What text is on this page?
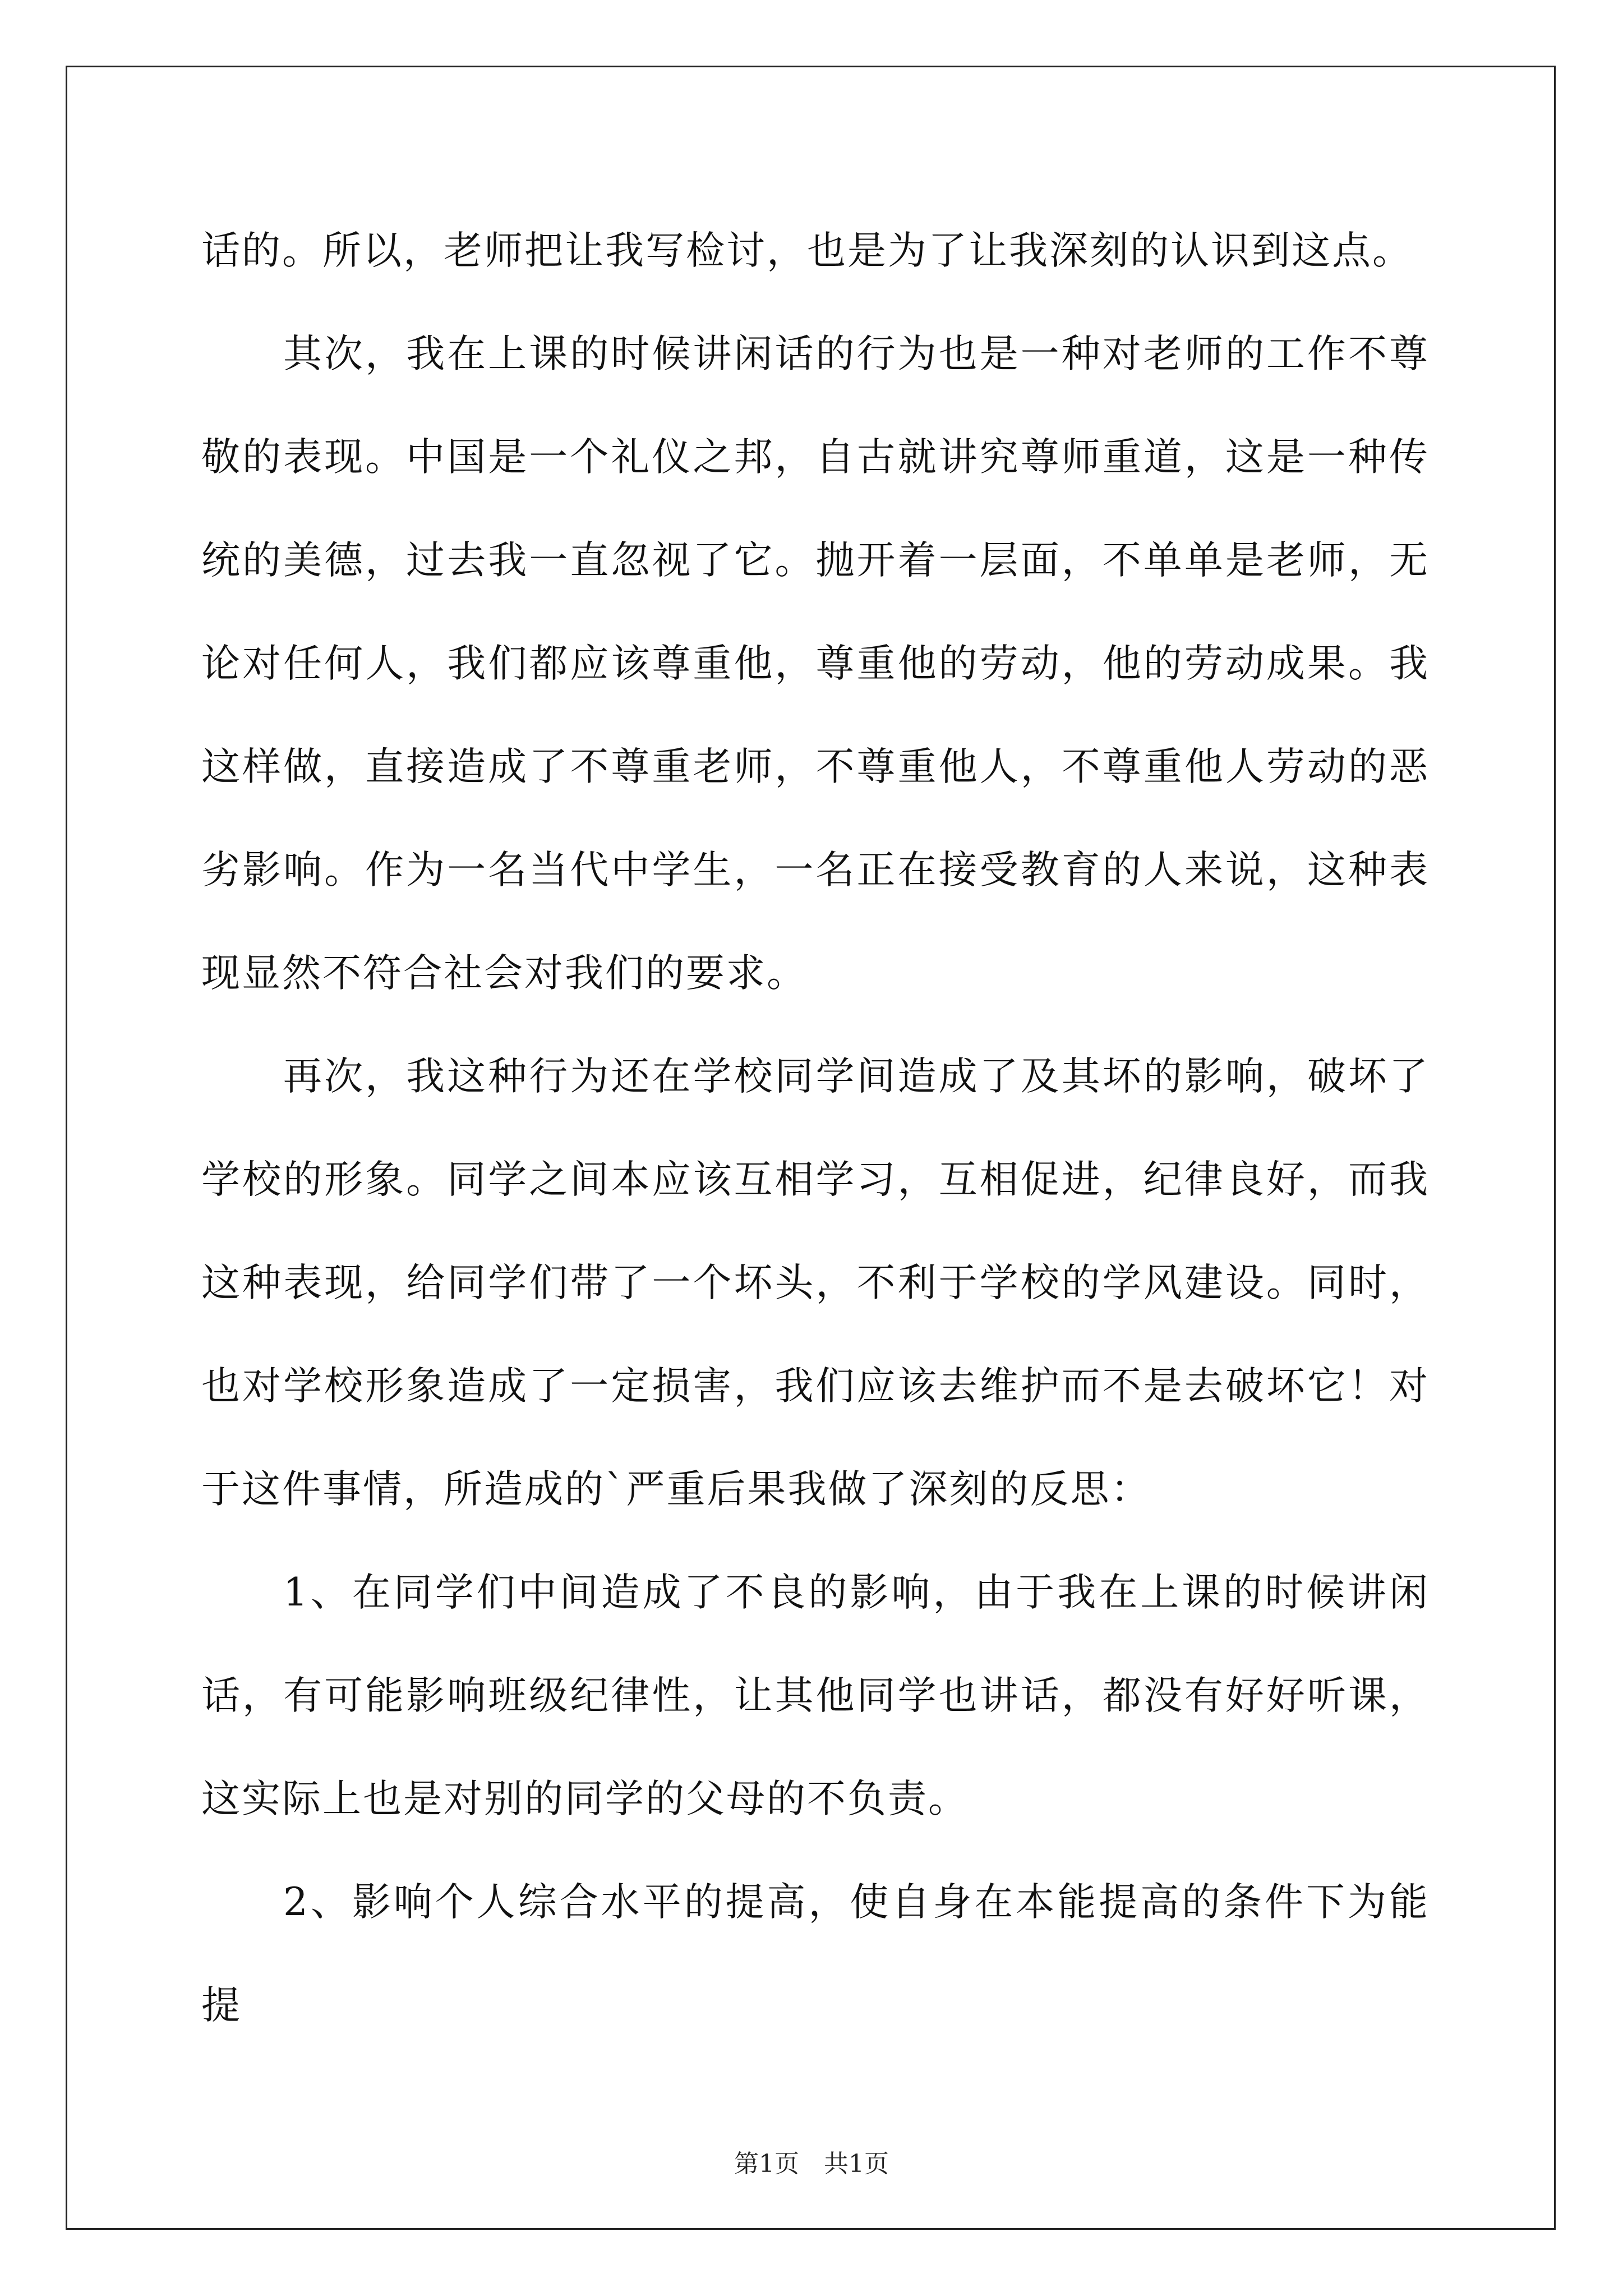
话的。所以，老师把让我写检讨，也是为了让我深刻的认识到这点。

其次，我在上课的时候讲闲话的行为也是一种对老师的工作不尊敬的表现。中国是一个礼仪之邦，自古就讲究尊师重道，这是一种传统的美德，过去我一直忽视了它。抛开着一层面，不单单是老师，无论对任何人，我们都应该尊重他，尊重他的劳动，他的劳动成果。我这样做，直接造成了不尊重老师，不尊重他人，不尊重他人劳动的恶劣影响。作为一名当代中学生，一名正在接受教育的人来说，这种表现显然不符合社会对我们的要求。

再次，我这种行为还在学校同学间造成了及其坏的影响，破坏了学校的形象。同学之间本应该互相学习，互相促进，纪律良好，而我这种表现，给同学们带了一个坏头，不利于学校的学风建设。同时，也对学校形象造成了一定损害，我们应该去维护而不是去破坏它！对于这件事情，所造成的`严重后果我做了深刻的反思：

1、在同学们中间造成了不良的影响，由于我在上课的时候讲闲话，有可能影响班级纪律性，让其他同学也讲话，都没有好好听课，这实际上也是对别的同学的父母的不负责。

2、影响个人综合水平的提高，使自身在本能提高的条件下为能提

第1页　共1页
